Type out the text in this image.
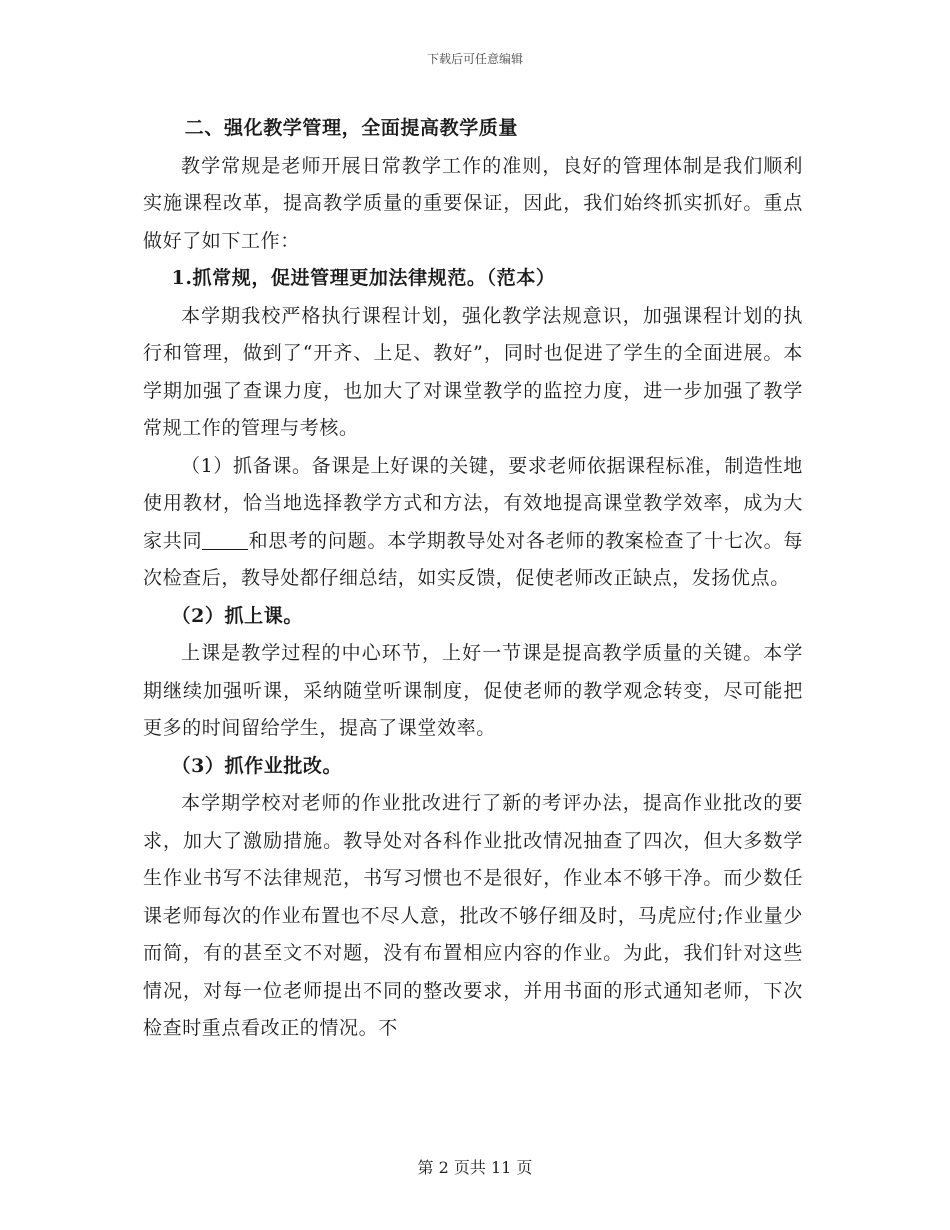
下载后可任意编辑

二、强化教学管理，全面提高教学质量

教学常规是老师开展日常教学工作的准则，良好的管理体制是我们顺利实施课程改革，提高教学质量的重要保证，因此，我们始终抓实抓好。重点做好了如下工作：

1.抓常规，促进管理更加法律规范。（范本）

本学期我校严格执行课程计划，强化教学法规意识，加强课程计划的执行和管理，做到了“开齐、上足、教好”，同时也促进了学生的全面进展。本学期加强了查课力度，也加大了对课堂教学的监控力度，进一步加强了教学常规工作的管理与考核。

（1）抓备课。备课是上好课的关键，要求老师依据课程标准，制造性地使用教材，恰当地选择教学方式和方法，有效地提高课堂教学效率，成为大家共同 和思考的问题。本学期教导处对各老师的教案检查了十七次。每次检查后，教导处都仔细总结，如实反馈，促使老师改正缺点，发扬优点。

（2）抓上课。

上课是教学过程的中心环节，上好一节课是提高教学质量的关键。本学期继续加强听课，采纳随堂听课制度，促使老师的教学观念转变，尽可能把更多的时间留给学生，提高了课堂效率。

（3）抓作业批改。

本学期学校对老师的作业批改进行了新的考评办法，提高作业批改的要求，加大了激励措施。教导处对各科作业批改情况抽查了四次，但大多数学生作业书写不法律规范，书写习惯也不是很好，作业本不够干净。而少数任课老师每次的作业布置也不尽人意，批改不够仔细及时，马虎应付;作业量少而简，有的甚至文不对题，没有布置相应内容的作业。为此，我们针对这些情况，对每一位老师提出不同的整改要求，并用书面的形式通知老师，下次检查时重点看改正的情况。不

第 2 页共 11 页
